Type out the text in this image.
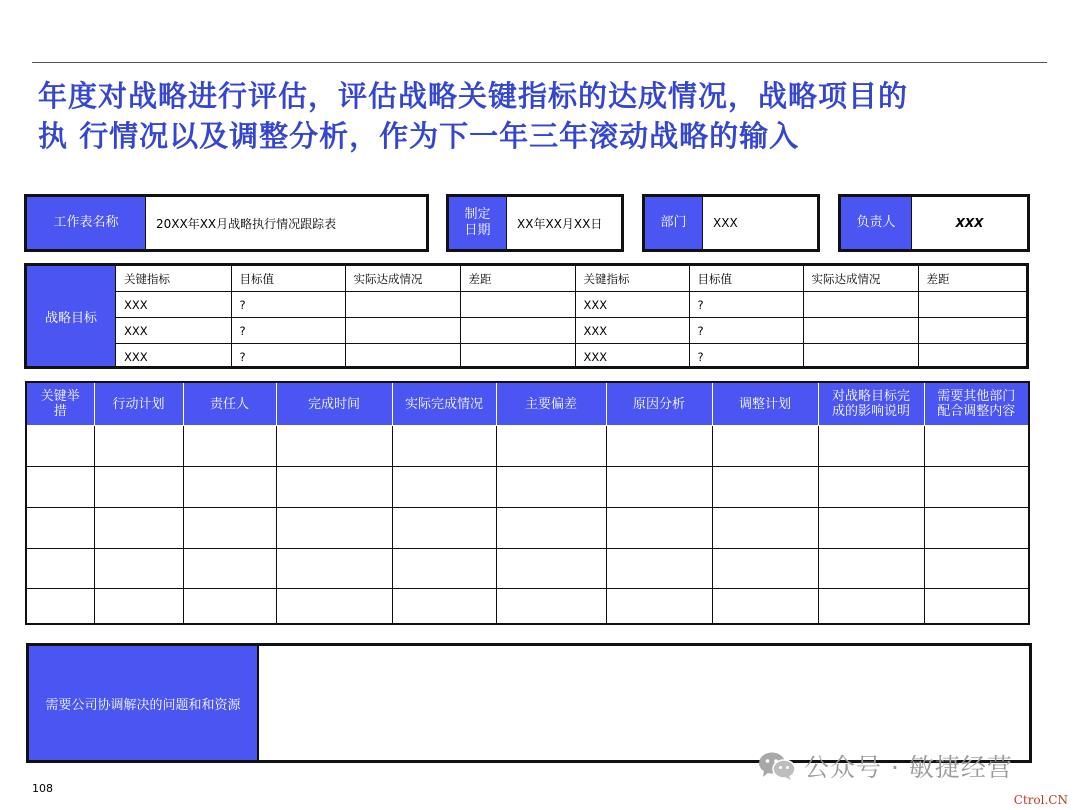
年度对战略进行评估，评估战略关键指标的达成情况，战略项目的
执 行情况以及调整分析，作为下一年三年滚动战略的输入
工作表名称	20XX年XX月战略执行情况跟踪表
制定
日期	XX年XX月XX日	部门	XXX	负责人	XXX
战略目标
关键指标	目标值	实际达成情况	差距	关键指标	目标值	实际达成情况	差距
XXX	?			XXX	?		
XXX	?			XXX	?		
XXX	?			XXX	?		
关键举
措	行动计划	责任人	完成时间	实际完成情况	主要偏差	原因分析	调整计划	对战略目标完
成的影响说明	需要其他部门
配合调整内容

需要公司协调解决的问题和和资源
108
公众号 · 敏捷经营
Ctrol.CN
